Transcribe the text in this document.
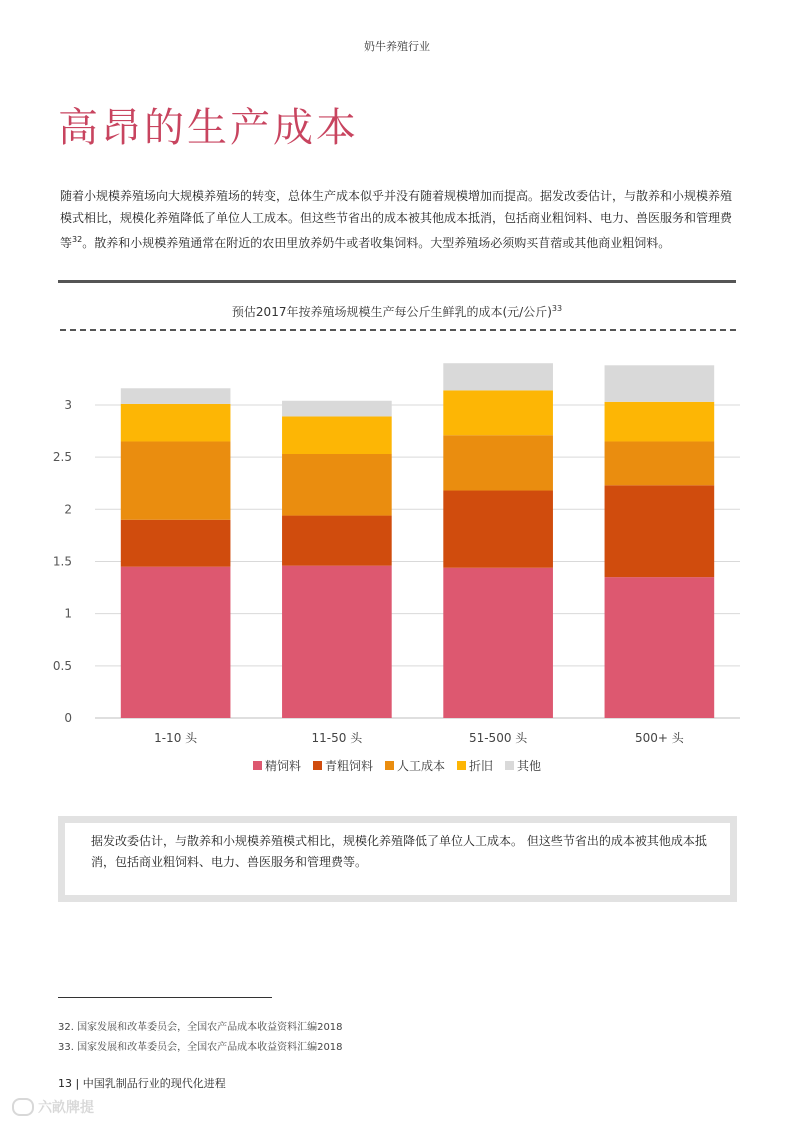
奶牛养殖行业
高昂的生产成本
随着小规模养殖场向大规模养殖场的转变，总体生产成本似乎并没有随着规模增加而提高。据发改委估计，与散养和小规模养殖模式相比，规模化养殖降低了单位人工成本。但这些节省出的成本被其他成本抵消，包括商业粗饲料、电力、兽医服务和管理费等$^{32}$。散养和小规模养殖通常在附近的农田里放养奶牛或者收集饲料。大型养殖场必须购买苜蓿或其他商业粗饲料。
预估2017年按养殖场规模生产每公斤生鲜乳的成本(元/公斤)$^{33}$
0
0.5
1
1.5
2
2.5
3
1-10 头	11-50 头	51-500 头	500+ 头
精饲料 青粗饲料 人工成本 折旧 其他
据发改委估计，与散养和小规模养殖模式相比，规模化养殖降低了单位人工成本。 但这些节省出的成本被其他成本抵消，包括商业粗饲料、电力、兽医服务和管理费等。
32. 国家发展和改革委员会，全国农产品成本收益资料汇编2018
33. 国家发展和改革委员会，全国农产品成本收益资料汇编2018
13 | 中国乳制品行业的现代化进程
六畝牌提
